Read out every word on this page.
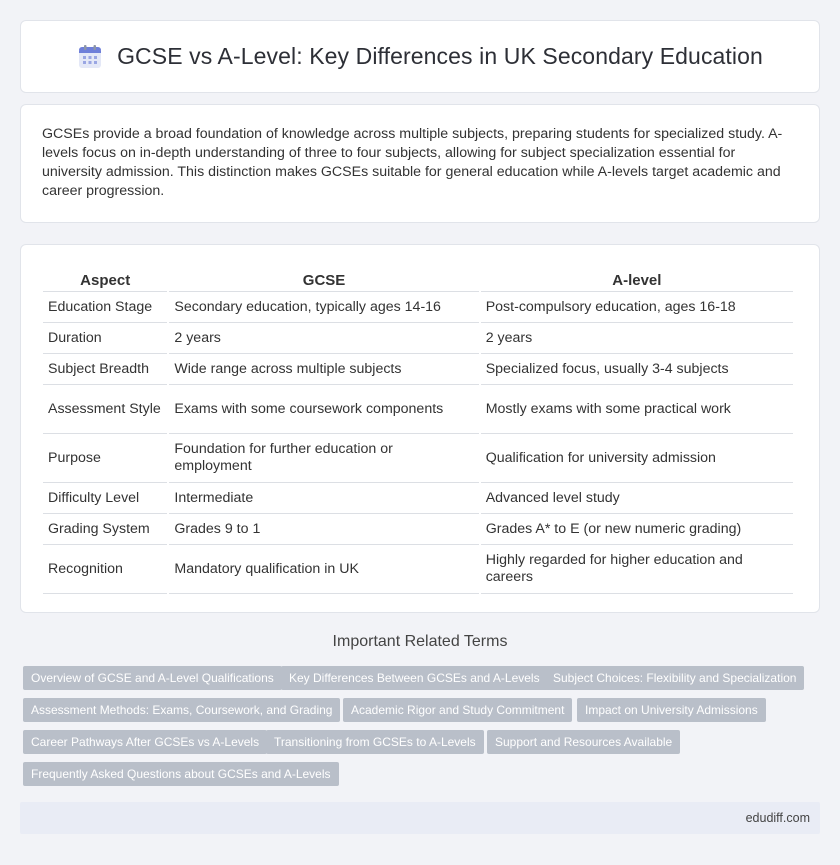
GCSE vs A-Level: Key Differences in UK Secondary Education

GCSEs provide a broad foundation of knowledge across multiple subjects, preparing students for specialized study. A-levels focus on in-depth understanding of three to four subjects, allowing for subject specialization essential for university admission. This distinction makes GCSEs suitable for general education while A-levels target academic and career progression.

Aspect	GCSE	A-level
Education Stage	Secondary education, typically ages 14-16	Post-compulsory education, ages 16-18
Duration	2 years	2 years
Subject Breadth	Wide range across multiple subjects	Specialized focus, usually 3-4 subjects
Assessment Style	Exams with some coursework components	Mostly exams with some practical work
Purpose	Foundation for further education or employment	Qualification for university admission
Difficulty Level	Intermediate	Advanced level study
Grading System	Grades 9 to 1	Grades A* to E (or new numeric grading)
Recognition	Mandatory qualification in UK	Highly regarded for higher education and careers
Important Related Terms
Overview of GCSE and A-Level Qualifications	Key Differences Between GCSEs and A-Levels	Subject Choices: Flexibility and Specialization
Assessment Methods: Exams, Coursework, and Grading	Academic Rigor and Study Commitment	Impact on University Admissions
Career Pathways After GCSEs vs A-Levels	Transitioning from GCSEs to A-Levels	Support and Resources Available
Frequently Asked Questions about GCSEs and A-Levels
edudiff.com
